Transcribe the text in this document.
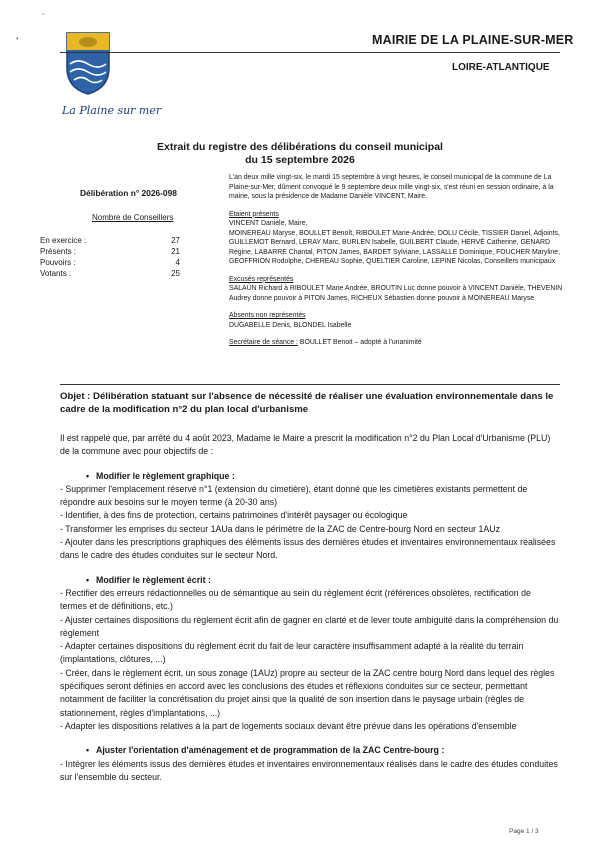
˜
•
La Plaine sur mer
MAIRIE DE LA PLAINE-SUR-MER
LOIRE-ATLANTIQUE
Extrait du registre des délibérations du conseil municipal
du 15 septembre 2026
Délibération n° 2026-098
Nombre de Conseillers
En exercice :	27
Présents :	21
Pouvoirs :	4
Votants :	25

L'an deux mille vingt-six, le mardi 15 septembre à vingt heures, le conseil municipal de la commune de La Plaine-sur-Mer, dûment convoqué le 9 septembre deux mille vingt-six, s'est réuni en session ordinaire, à la mairie, sous la présidence de Madame Danièle VINCENT, Maire.

Etaient présents

VINCENT Danièle, Maire,

MOINEREAU Maryse, BOULLET Benoît, RIBOULET Marie-Andrée, DOLU Cécile, TISSIER Daniel, Adjoints,

GUILLEMOT Bernard, LERAY Marc, BURLEN Isabelle, GUILBERT Claude, HERVÉ Catherine, GENARD Régine, LABARRE Chantal, PITON James, BARDET Sylviane, LASSALLE Dominique, FOUCHER Maryline, GEOFFRION Rodolphe, CHEREAU Sophie, QUELTIER Caroline, LEPINE Nicolas, Conseillers municipaux

Excusés représentés

SALAÜN Richard à RIBOULET Marie Andrée, BROUTIN Luc donne pouvoir à VINCENT Danièle, THEVENIN Audrey donne pouvoir à PITON James, RICHEUX Sébastien donne pouvoir à MOINEREAU Maryse

Absents non représentés

DUGABELLE Denis, BLONDEL Isabelle

Secrétaire de séance : BOULLET Benoit – adopté à l'unanimité

Objet : Délibération statuant sur l'absence de nécessité de réaliser une évaluation environnementale dans le cadre de la modification n°2 du plan local d'urbanisme

Il est rappelé que, par arrêté du 4 août 2023, Madame le Maire a prescrit la modification n°2 du Plan Local d'Urbanisme (PLU) de la commune avec pour objectifs de :

• Modifier le règlement graphique :

- Supprimer l'emplacement réservé n°1 (extension du cimetière), étant donné que les cimetières existants permettent de répondre aux besoins sur le moyen terme (à 20-30 ans)

- Identifier, à des fins de protection, certains patrimoines d'intérêt paysager ou écologique

- Transformer les emprises du secteur 1AUa dans le périmètre de la ZAC de Centre-bourg Nord en secteur 1AUz

- Ajouter dans les prescriptions graphiques des éléments issus des dernières études et inventaires environnementaux réalisées dans le cadre des études conduites sur le secteur Nord.

• Modifier le règlement écrit :

- Rectifier des erreurs rédactionnelles ou de sémantique au sein du règlement écrit (références obsolètes, rectification de termes et de définitions, etc.)

- Ajuster certaines dispositions du règlement écrit afin de gagner en clarté et de lever toute ambiguité dans la compréhension du règlement

- Adapter certaines dispositions du règlement écrit du fait de leur caractère insuffisamment adapté à la réalité du terrain (implantations, clôtures, ...)

- Créer, dans le règlement écrit, un sous zonage (1AUz) propre au secteur de la ZAC centre bourg Nord dans lequel des règles spécifiques seront définies en accord avec les conclusions des études et réflexions conduites sur ce secteur, permettant notamment de faciliter la concrétisation du projet ainsi que la qualité de son insertion dans le paysage urbain (règles de stationnement, règles d'implantations, ...)

- Adapter les dispositions relatives à la part de logements sociaux devant être prévue dans les opérations d'ensemble

• Ajuster l'orientation d'aménagement et de programmation de la ZAC Centre-bourg :

- Intégrer les éléments issus des dernières études et inventaires environnementaux réalisés dans le cadre des études conduites sur l'ensemble du secteur.

Page 1 / 3
